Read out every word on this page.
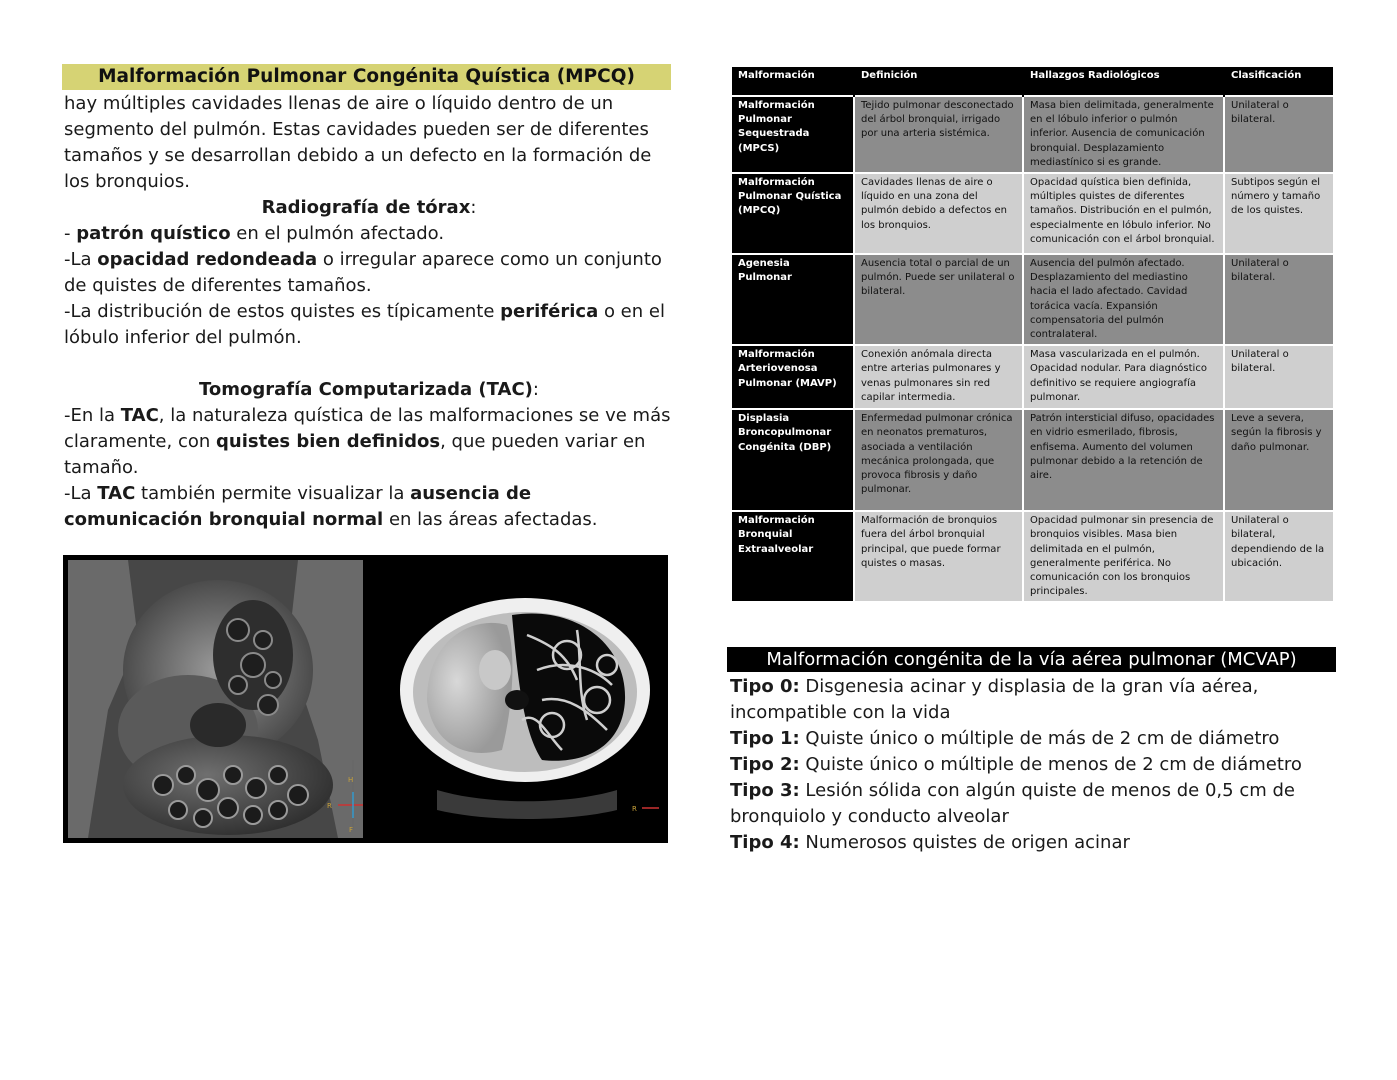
Malformación Pulmonar Congénita Quística (MPCQ)

hay múltiples cavidades llenas de aire o líquido dentro de un segmento del pulmón. Estas cavidades pueden ser de diferentes tamaños y se desarrollan debido a un defecto en la formación de los bronquios.

Radiografía de tórax:

- patrón quístico en el pulmón afectado.

-La opacidad redondeada o irregular aparece como un conjunto de quistes de diferentes tamaños.

-La distribución de estos quistes es típicamente periférica o en el lóbulo inferior del pulmón.

Tomografía Computarizada (TAC):

-En la TAC, la naturaleza quística de las malformaciones se ve más claramente, con quistes bien definidos, que pueden variar en tamaño.

-La TAC también permite visualizar la ausencia de comunicación bronquial normal en las áreas afectadas.

H
R
F
R
Malformación	Definición	Hallazgos Radiológicos	Clasificación
Malformación Pulmonar Sequestrada (MPCS)	Tejido pulmonar desconectado del árbol bronquial, irrigado por una arteria sistémica.	Masa bien delimitada, generalmente en el lóbulo inferior o pulmón inferior. Ausencia de comunicación bronquial. Desplazamiento mediastínico si es grande.	Unilateral o bilateral.
Malformación Pulmonar Quística (MPCQ)	Cavidades llenas de aire o líquido en una zona del pulmón debido a defectos en los bronquios.	Opacidad quística bien definida, múltiples quistes de diferentes tamaños. Distribución en el pulmón, especialmente en lóbulo inferior. No comunicación con el árbol bronquial.	Subtipos según el número y tamaño de los quistes.
Agenesia Pulmonar	Ausencia total o parcial de un pulmón. Puede ser unilateral o bilateral.	Ausencia del pulmón afectado. Desplazamiento del mediastino hacia el lado afectado. Cavidad torácica vacía. Expansión compensatoria del pulmón contralateral.	Unilateral o bilateral.
Malformación Arteriovenosa Pulmonar (MAVP)	Conexión anómala directa entre arterias pulmonares y venas pulmonares sin red capilar intermedia.	Masa vascularizada en el pulmón. Opacidad nodular. Para diagnóstico definitivo se requiere angiografía pulmonar.	Unilateral o bilateral.
Displasia Broncopulmonar Congénita (DBP)	Enfermedad pulmonar crónica en neonatos prematuros, asociada a ventilación mecánica prolongada, que provoca fibrosis y daño pulmonar.	Patrón intersticial difuso, opacidades en vidrio esmerilado, fibrosis, enfisema. Aumento del volumen pulmonar debido a la retención de aire.	Leve a severa, según la fibrosis y daño pulmonar.
Malformación Bronquial Extraalveolar	Malformación de bronquios fuera del árbol bronquial principal, que puede formar quistes o masas.	Opacidad pulmonar sin presencia de bronquios visibles. Masa bien delimitada en el pulmón, generalmente periférica. No comunicación con los bronquios principales.	Unilateral o bilateral, dependiendo de la ubicación.
Malformación congénita de la vía aérea pulmonar (MCVAP)

Tipo 0: Disgenesia acinar y displasia de la gran vía aérea, incompatible con la vida

Tipo 1: Quiste único o múltiple de más de 2 cm de diámetro

Tipo 2: Quiste único o múltiple de menos de 2 cm de diámetro

Tipo 3: Lesión sólida con algún quiste de menos de 0,5 cm de bronquiolo y conducto alveolar

Tipo 4: Numerosos quistes de origen acinar
